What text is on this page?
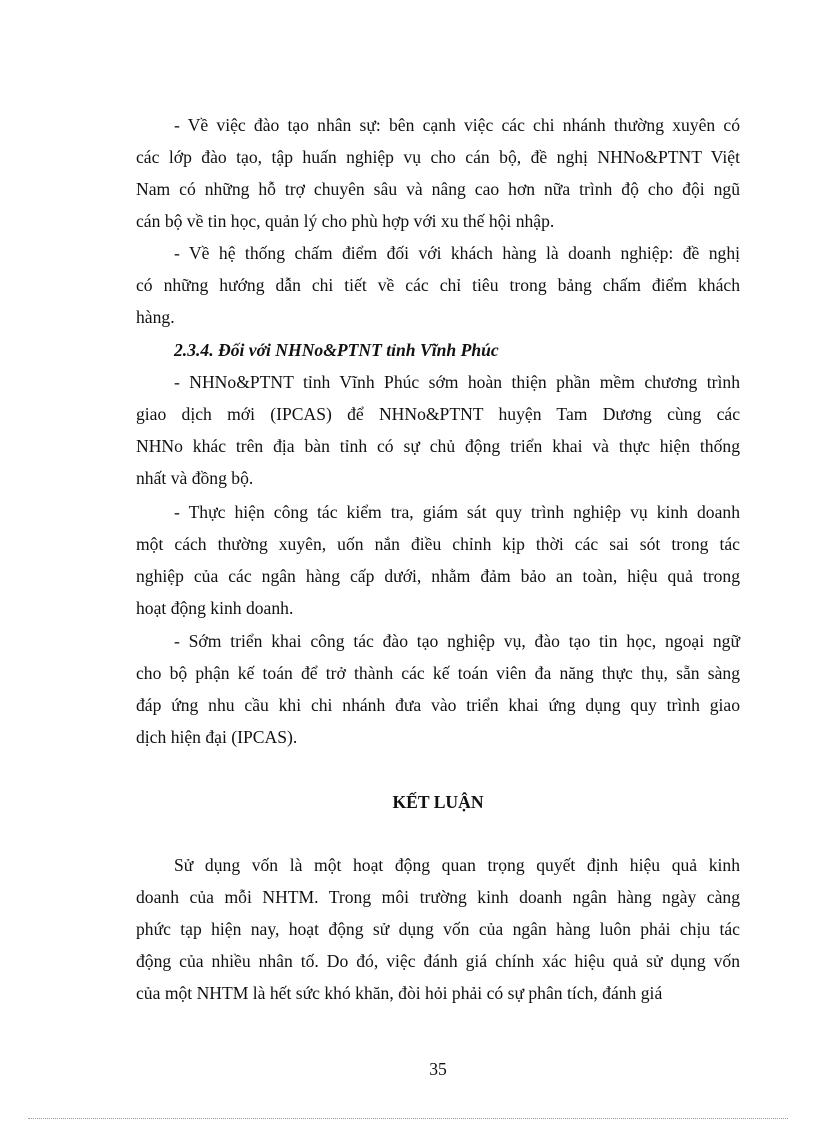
- Về việc đào tạo nhân sự: bên cạnh việc các chi nhánh thường xuyên có
các lớp đào tạo, tập huấn nghiệp vụ cho cán bộ, đề nghị NHNo&PTNT Việt
Nam có những hỗ trợ chuyên sâu và nâng cao hơn nữa trình độ cho đội ngũ
cán bộ về tin học, quản lý cho phù hợp với xu thế hội nhập.
- Về hệ thống chấm điểm đối với khách hàng là doanh nghiệp: đề nghị
có những hướng dẫn chi tiết về các chỉ tiêu trong bảng chấm điểm khách
hàng.
2.3.4. Đối với NHNo&PTNT tỉnh Vĩnh Phúc
- NHNo&PTNT tỉnh Vĩnh Phúc sớm hoàn thiện phần mềm chương trình
giao dịch mới (IPCAS) để NHNo&PTNT huyện Tam Dương cùng các
NHNo khác trên địa bàn tỉnh có sự chủ động triển khai và thực hiện thống
nhất và đồng bộ.
- Thực hiện công tác kiểm tra, giám sát quy trình nghiệp vụ kinh doanh
một cách thường xuyên, uốn nắn điều chỉnh kịp thời các sai sót trong tác
nghiệp của các ngân hàng cấp dưới, nhằm đảm bảo an toàn, hiệu quả trong
hoạt động kinh doanh.
- Sớm triển khai công tác đào tạo nghiệp vụ, đào tạo tin học, ngoại ngữ
cho bộ phận kế toán để trở thành các kế toán viên đa năng thực thụ, sẵn sàng
đáp ứng nhu cầu khi chi nhánh đưa vào triển khai ứng dụng quy trình giao
dịch hiện đại (IPCAS).
KẾT LUẬN
Sử dụng vốn là một hoạt động quan trọng quyết định hiệu quả kinh
doanh của mỗi NHTM. Trong môi trường kinh doanh ngân hàng ngày càng
phức tạp hiện nay, hoạt động sử dụng vốn của ngân hàng luôn phải chịu tác
động của nhiều nhân tố. Do đó, việc đánh giá chính xác hiệu quả sử dụng vốn
của một NHTM là hết sức khó khăn, đòi hỏi phải có sự phân tích, đánh giá
35
